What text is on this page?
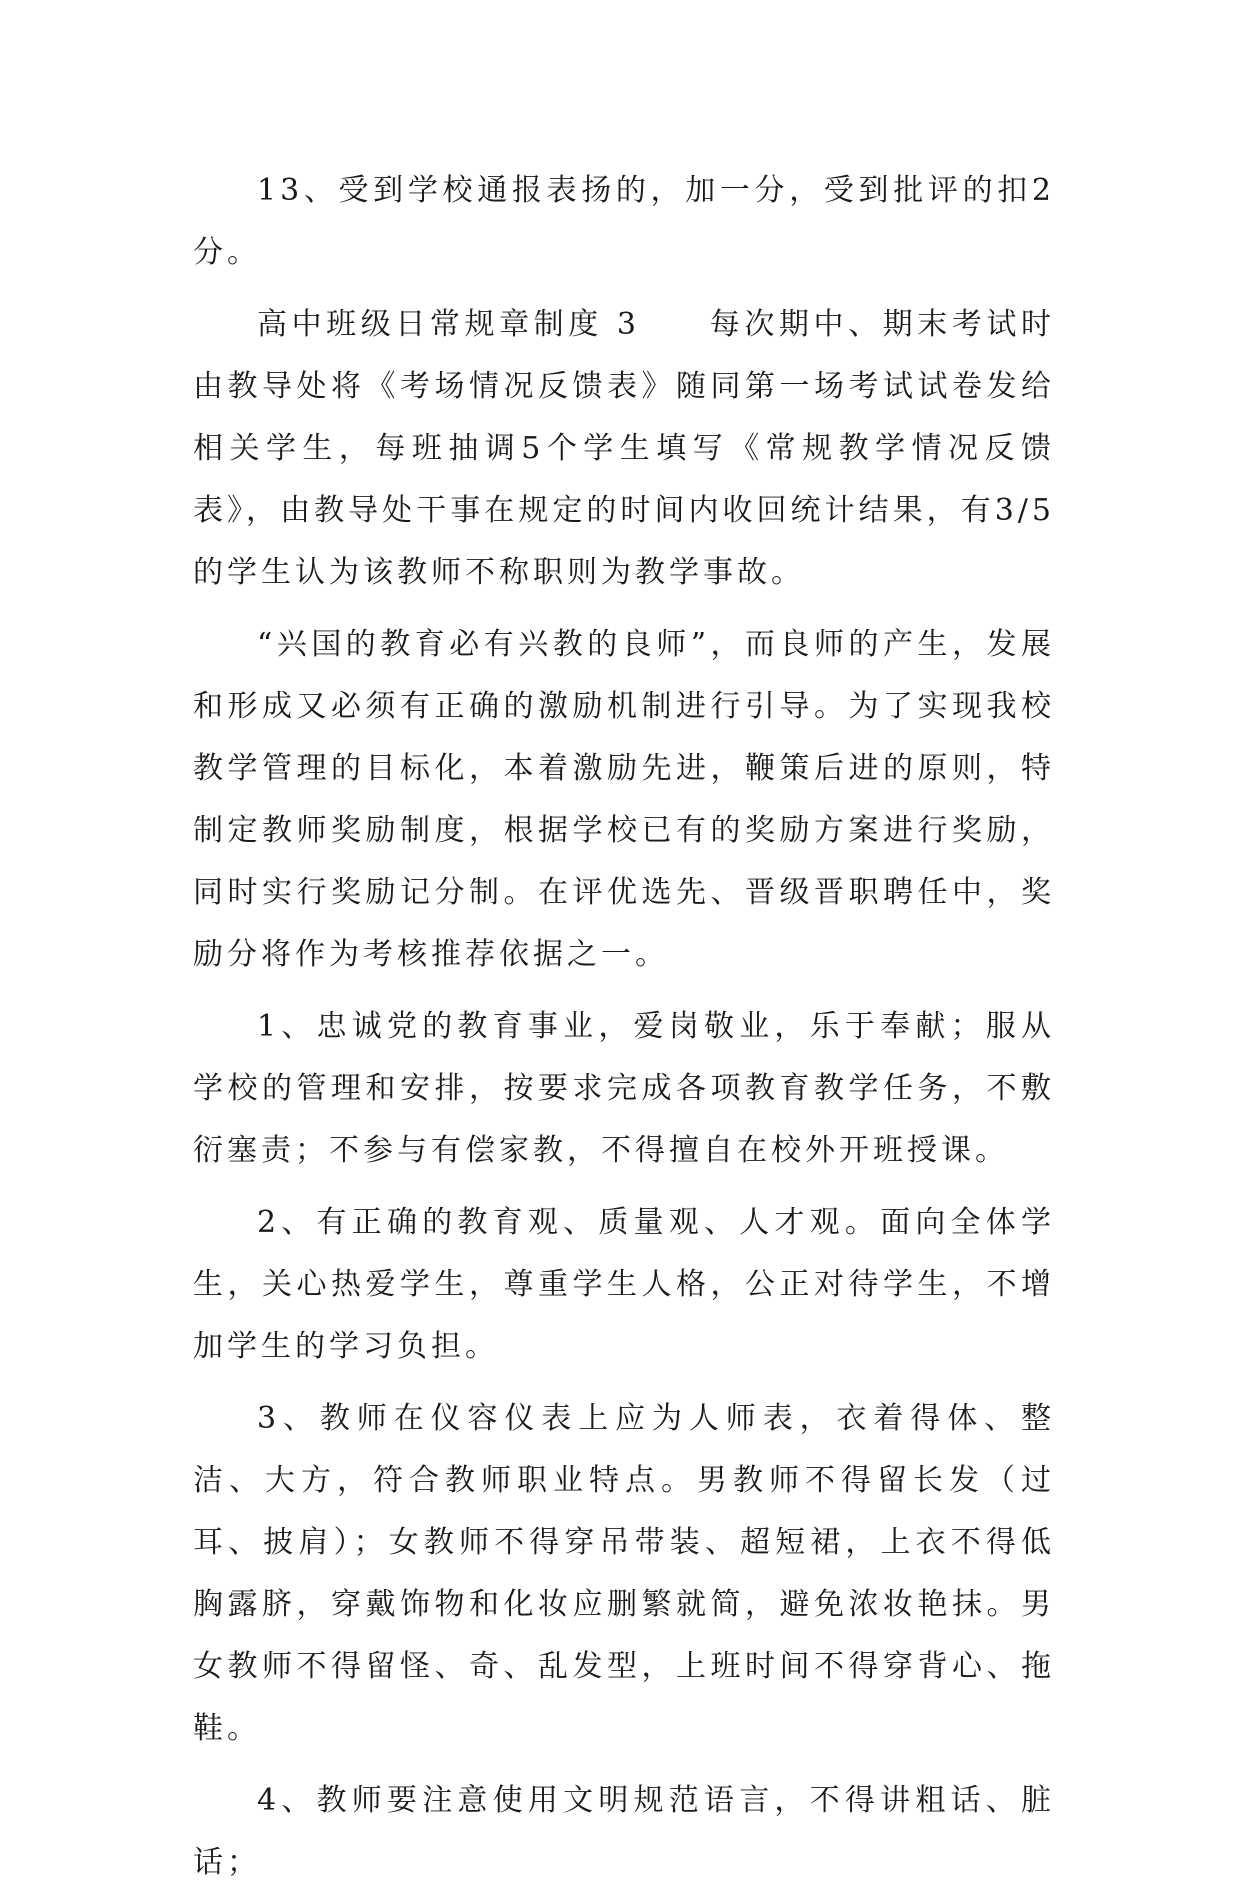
13、受到学校通报表扬的，加一分，受到批评的扣2分。

高中班级日常规章制度 3　　每次期中、期末考试时由教导处将《考场情况反馈表》随同第一场考试试卷发给相关学生，每班抽调5个学生填写《常规教学情况反馈表》，由教导处干事在规定的时间内收回统计结果，有3/5的学生认为该教师不称职则为教学事故。

“兴国的教育必有兴教的良师”，而良师的产生，发展和形成又必须有正确的激励机制进行引导。为了实现我校教学管理的目标化，本着激励先进，鞭策后进的原则，特制定教师奖励制度，根据学校已有的奖励方案进行奖励，同时实行奖励记分制。在评优选先、晋级晋职聘任中，奖励分将作为考核推荐依据之一。

1、忠诚党的教育事业，爱岗敬业，乐于奉献；服从学校的管理和安排，按要求完成各项教育教学任务，不敷衍塞责；不参与有偿家教，不得擅自在校外开班授课。

2、有正确的教育观、质量观、人才观。面向全体学生，关心热爱学生，尊重学生人格，公正对待学生，不增加学生的学习负担。

3、教师在仪容仪表上应为人师表，衣着得体、整洁、大方，符合教师职业特点。男教师不得留长发（过耳、披肩）；女教师不得穿吊带装、超短裙，上衣不得低胸露脐，穿戴饰物和化妆应删繁就简，避免浓妆艳抹。男女教师不得留怪、奇、乱发型，上班时间不得穿背心、拖鞋。

4、教师要注意使用文明规范语言，不得讲粗话、脏话；
